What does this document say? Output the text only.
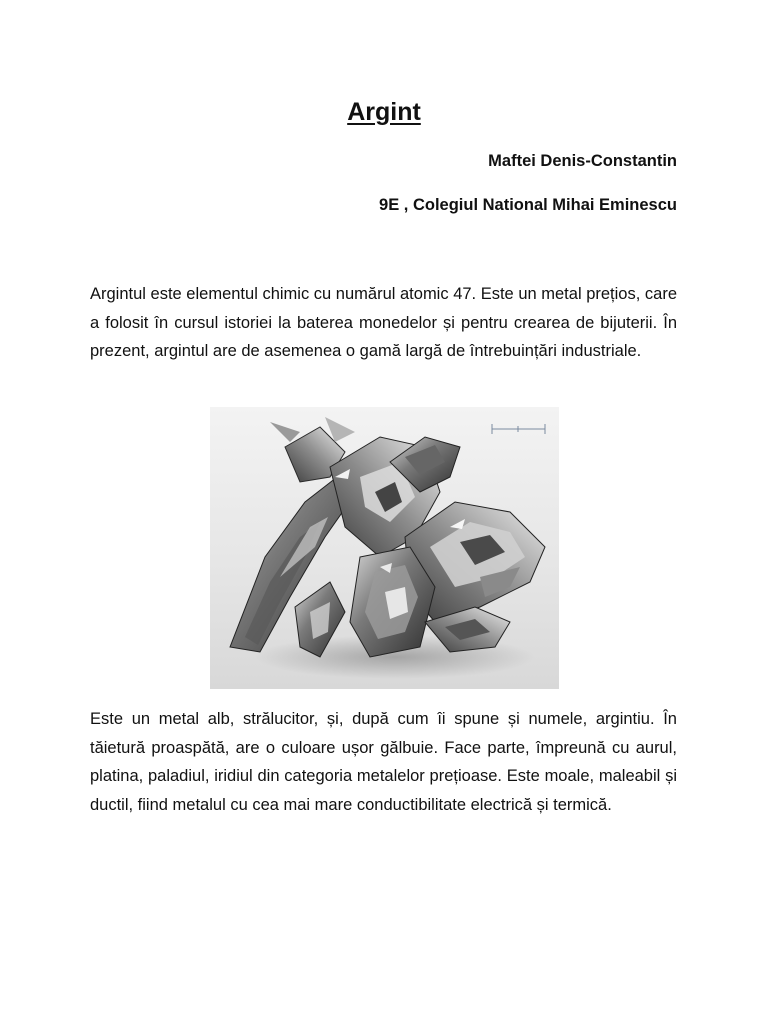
Argint

Maftei Denis-Constantin

9E , Colegiul National Mihai Eminescu

Argintul este elementul chimic cu numărul atomic 47. Este un metal prețios, care a folosit în cursul istoriei la baterea monedelor și pentru crearea de bijuterii. În prezent, argintul are de asemenea o gamă largă de întrebuințări industriale.

Este un metal alb, strălucitor, și, după cum îi spune și numele, argintiu. În tăietură proaspătă, are o culoare ușor gălbuie. Face parte, împreună cu aurul, platina, paladiul, iridiul din categoria metalelor prețioase. Este moale, maleabil și ductil, fiind metalul cu cea mai mare conductibilitate electrică și termică.
